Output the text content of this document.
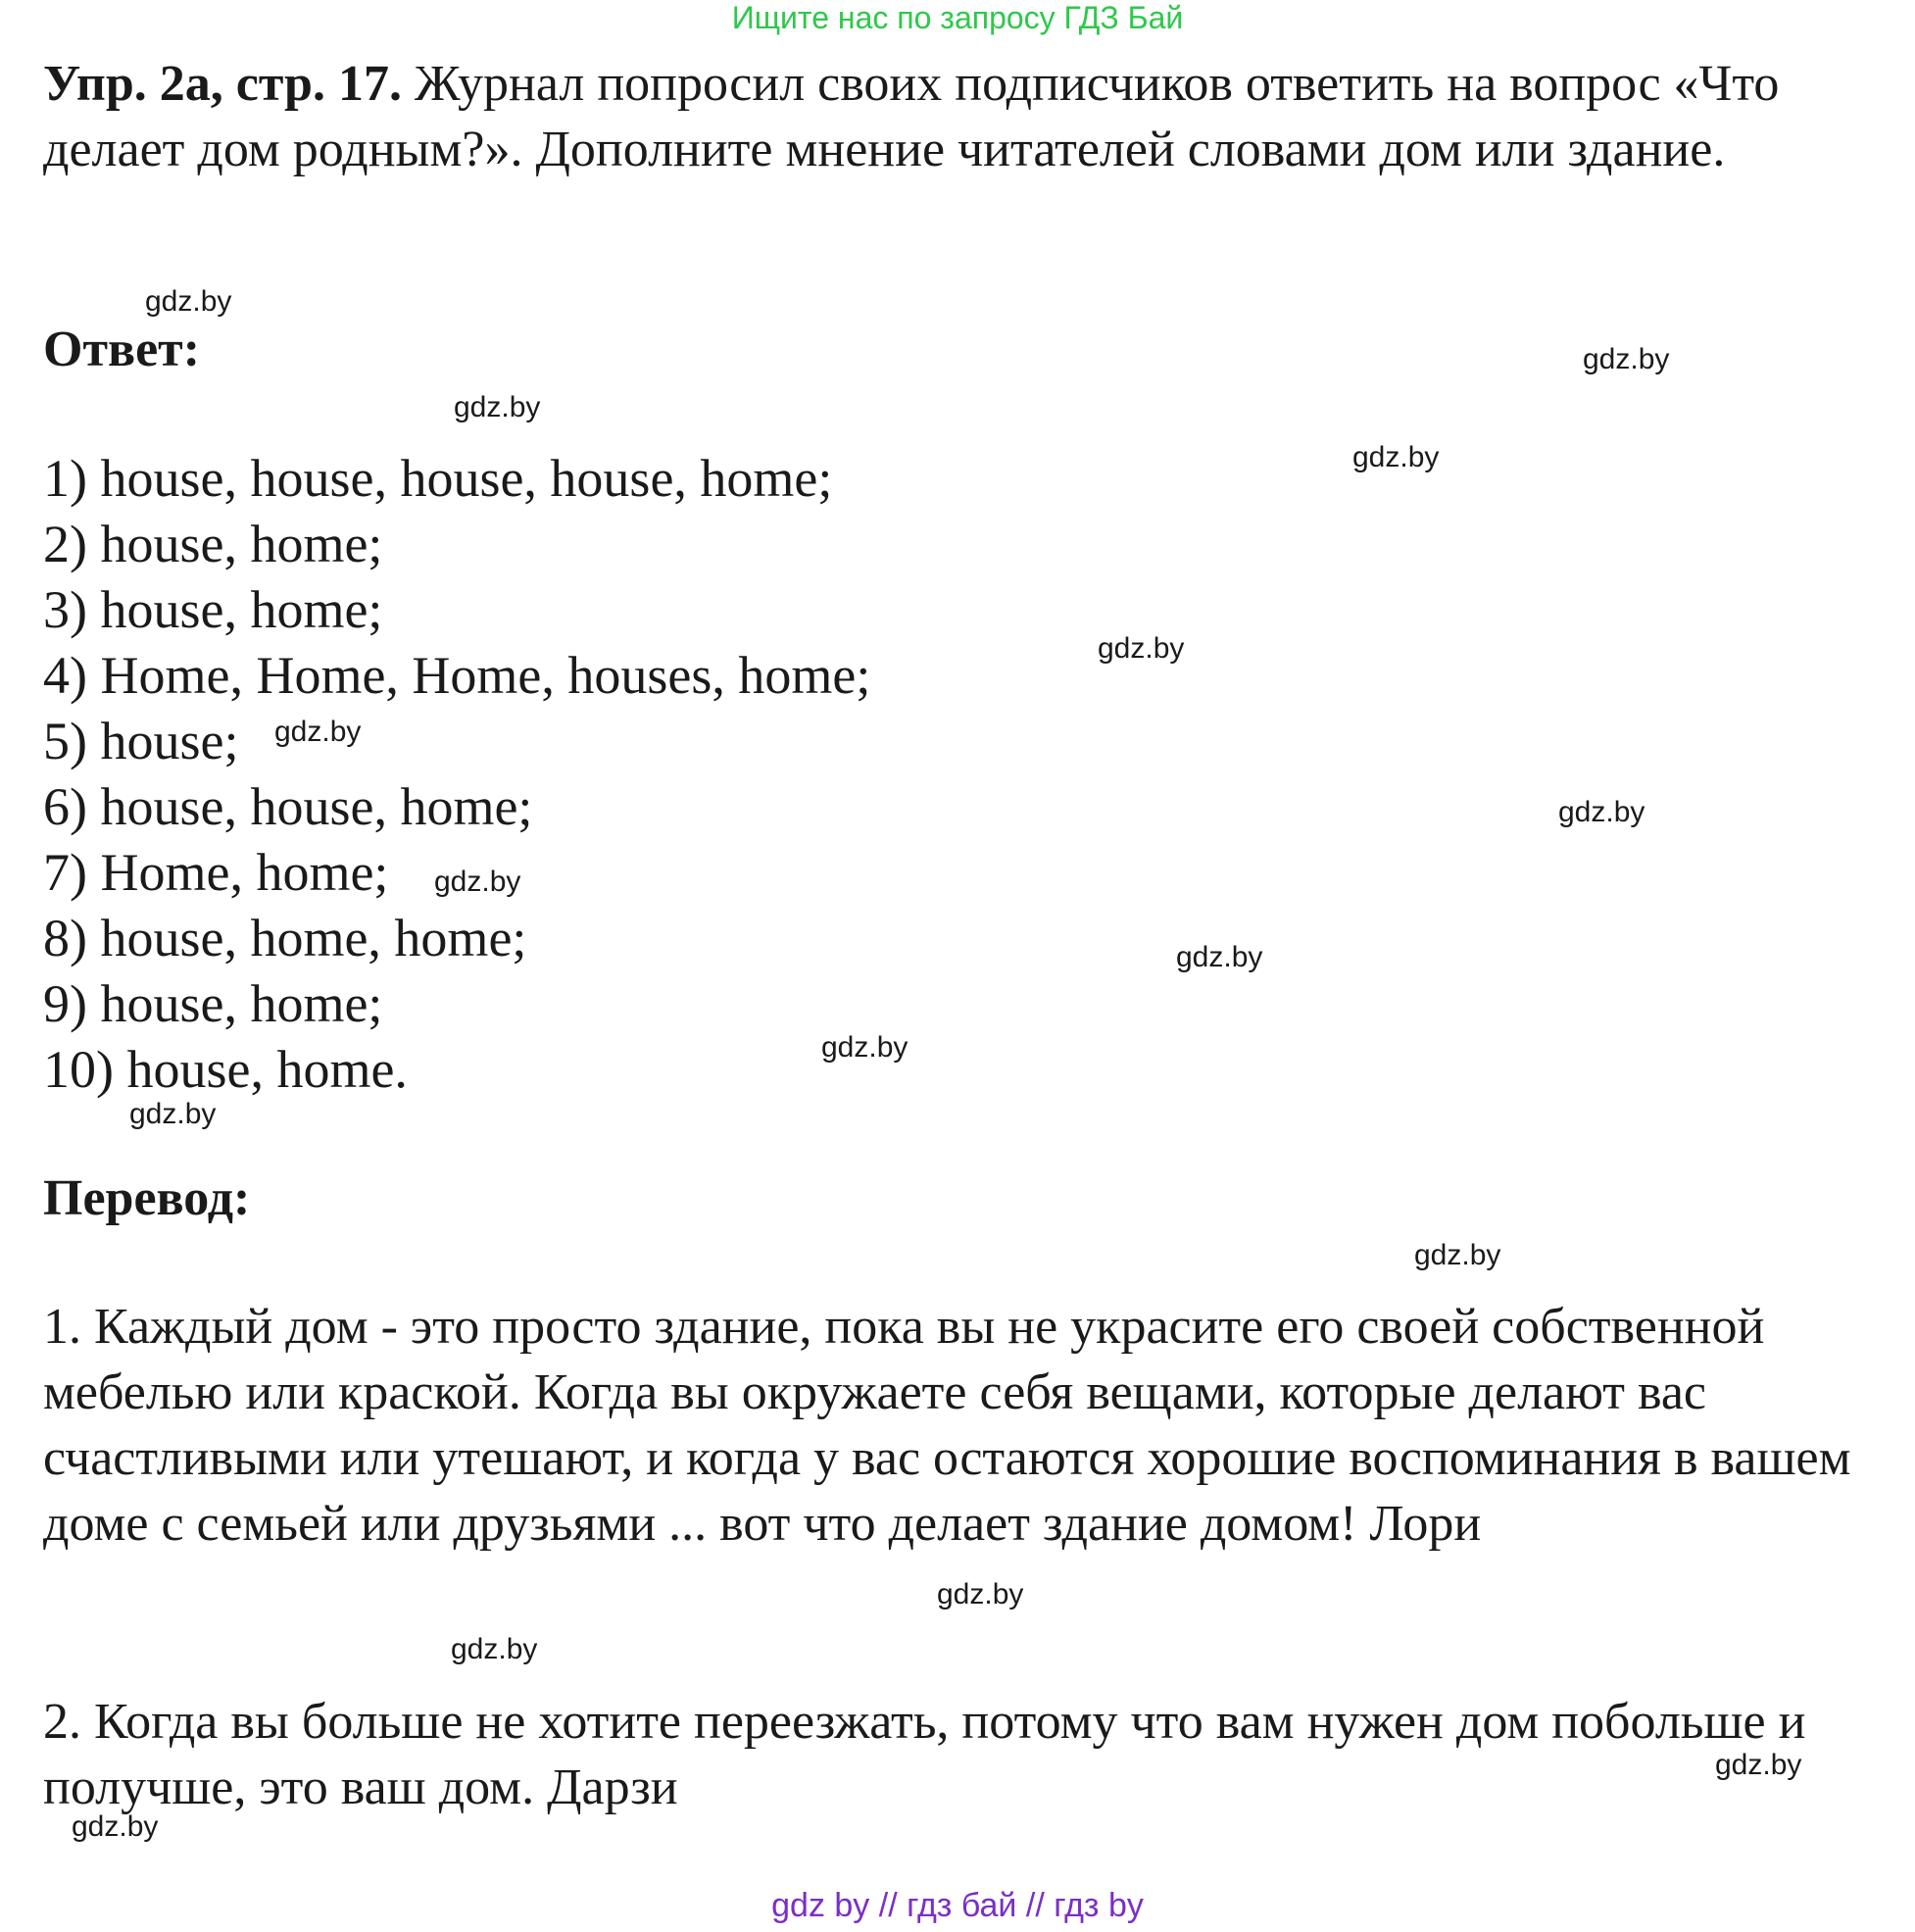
Ищите нас по запросу ГДЗ Бай

Упр. 2а, стр. 17. Журнал попросил своих подписчиков ответить на вопрос «Что делает дом родным?». Дополните мнение читателей словами дом или здание.

Ответ:
1) house, house, house, house, home;
2) house, home;
3) house, home;
4) Home, Home, Home, houses, home;
5) house;
6) house, house, home;
7) Home, home;
8) house, home, home;
9) house, home;
10) house, home.
Перевод:

1. Каждый дом - это просто здание, пока вы не украсите его своей собственной мебелью или краской. Когда вы окружаете себя вещами, которые делают вас счастливыми или утешают, и когда у вас остаются хорошие воспоминания в вашем доме с семьей или друзьями ... вот что делает здание домом! Лори

2. Когда вы больше не хотите переезжать, потому что вам нужен дом побольше и получше, это ваш дом. Дарзи

gdz.by
gdz.by
gdz.by
gdz.by
gdz.by
gdz.by
gdz.by
gdz.by
gdz.by
gdz.by
gdz.by
gdz.by
gdz.by
gdz.by
gdz.by
gdz.by
gdz by // гдз бай // гдз by
